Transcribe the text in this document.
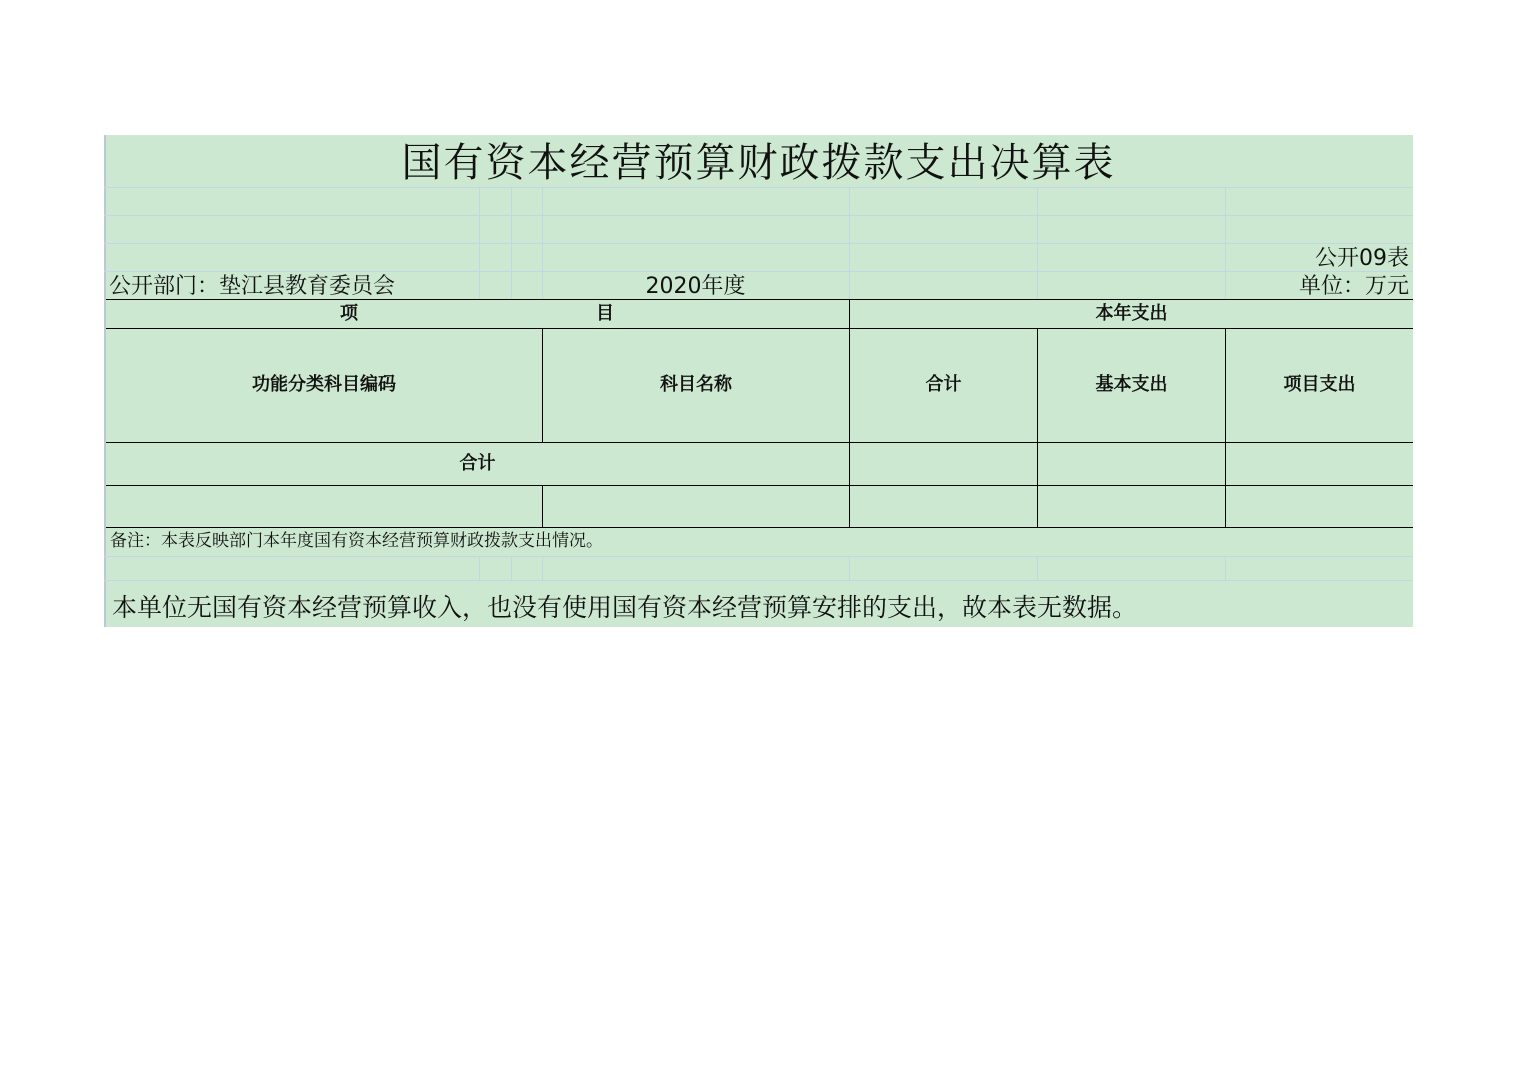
国有资本经营预算财政拨款支出决算表
公开09表
公开部门：垫江县教育委员会	2020年度	单位：万元
项	目	本年支出
功能分类科目编码	科目名称	合计	基本支出	项目支出
合计
备注：本表反映部门本年度国有资本经营预算财政拨款支出情况。
本单位无国有资本经营预算收入，也没有使用国有资本经营预算安排的支出，故本表无数据。
